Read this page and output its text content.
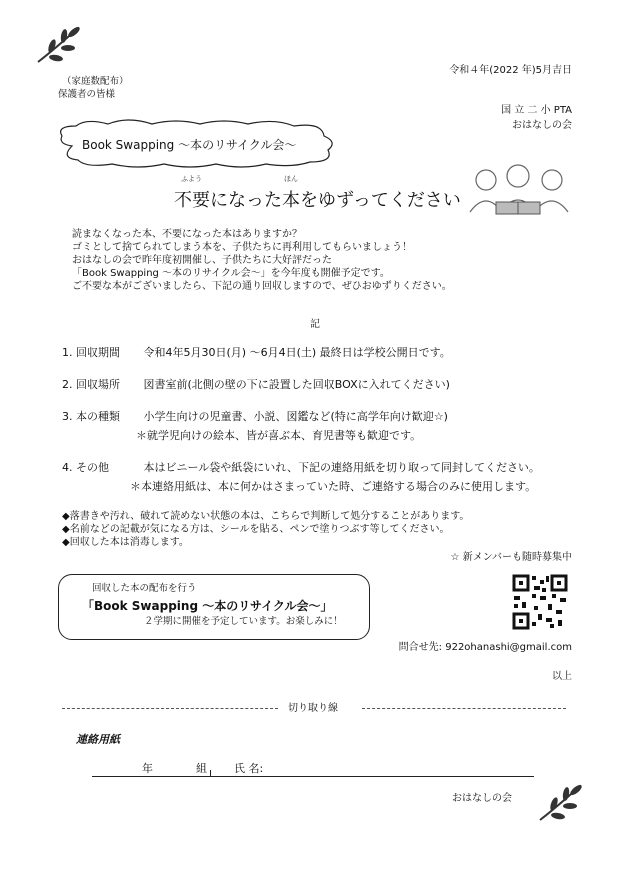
令和４年(2022 年)5月吉日
（家庭数配布）
保護者の皆様
国 立 二 小 PTA
おはなしの会
Book Swapping ～本のリサイクル会～
ふよう	ほん
不要になった本をゆずってください
読まなくなった本、不要になった本はありますか？
ゴミとして捨てられてしまう本を、子供たちに再利用してもらいましょう！
おはなしの会で昨年度初開催し、子供たちに大好評だった
「Book Swapping ～本のリサイクル会～」を今年度も開催予定です。
ご不要な本がございましたら、下記の通り回収しますので、ぜひおゆずりください。
記
1. 回収期間 令和4年5月30日(月) ～6月4日(土) 最終日は学校公開日です。
2. 回収場所 図書室前(北側の壁の下に設置した回収BOXに入れてください)
3. 本の種類 小学生向けの児童書、小説、図鑑など(特に高学年向け歓迎☆)
＊就学児向けの絵本、皆が喜ぶ本、育児書等も歓迎です。
4. その他	本はビニール袋や紙袋にいれ、下記の連絡用紙を切り取って同封してください。
＊本連絡用紙は、本に何かはさまっていた時、ご連絡する場合のみに使用します。
◆落書きや汚れ、破れて読めない状態の本は、こちらで判断して処分することがあります。
◆名前などの記載が気になる方は、シールを貼る、ペンで塗りつぶす等してください。
◆回収した本は消毒します。
☆ 新メンバーも随時募集中
回収した本の配布を行う
「Book Swapping ～本のリサイクル会～」
２学期に開催を予定しています。お楽しみに！
問合せ先: 922ohanashi@gmail.com
以上
切り取り線
連絡用紙
年	組 氏 名:
おはなしの会
